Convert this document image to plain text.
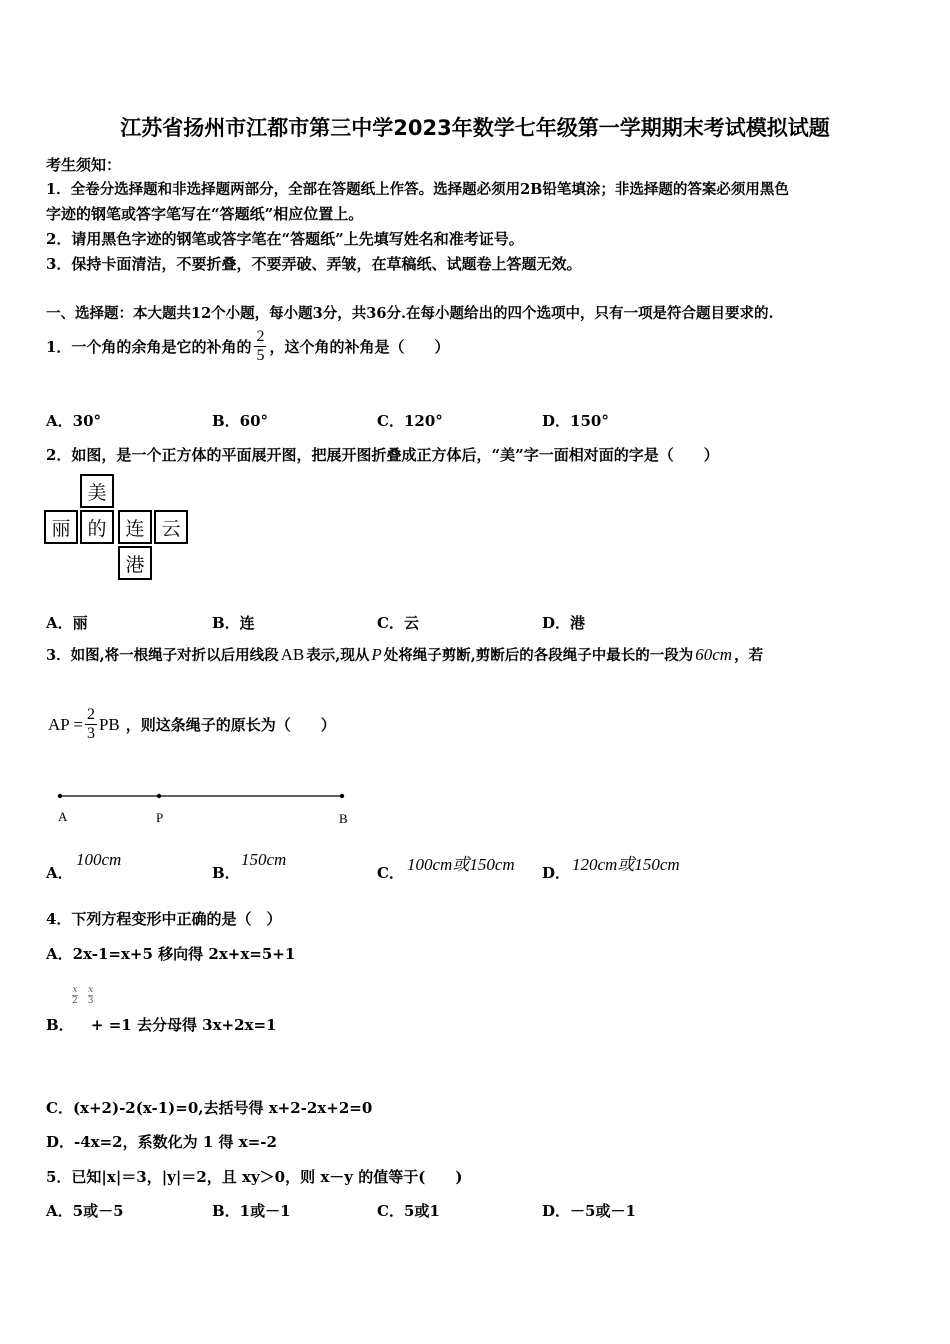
江苏省扬州市江都市第三中学2023年数学七年级第一学期期末考试模拟试题
考生须知：
1．全卷分选择题和非选择题两部分，全部在答题纸上作答。选择题必须用2B铅笔填涂；非选择题的答案必须用黑色
字迹的钢笔或答字笔写在“答题纸”相应位置上。
2．请用黑色字迹的钢笔或答字笔在“答题纸”上先填写姓名和准考证号。
3．保持卡面清洁，不要折叠，不要弄破、弄皱，在草稿纸、试题卷上答题无效。
一、选择题：本大题共12个小题，每小题3分，共36分.在每小题给出的四个选项中，只有一项是符合题目要求的.
1．一个角的余角是它的补角的 $\frac{2}{5}$ ，这个角的补角是（　　）
A．30°	B．60°	C．120°	D．150°
2．如图，是一个正方体的平面展开图，把展开图折叠成正方体后，“美”字一面相对面的字是（　　）
美
丽 的 连 云
港
A．丽	B．连	C．云	D．港
3．如图,将一根绳子对折以后用线段 AB 表示,现从 P 处将绳子剪断,剪断后的各段绳子中最长的一段为 60cm ，若
AP = $\frac{2}{3}$ PB ，则这条绳子的原长为（　　）
A	P	B
A．
100cm
B．
150cm
C． 100cm或150cm D． 120cm或150cm
4．下列方程变形中正确的是（　）
A．2x-1=x+5 移向得 2x+x=5+1
$\frac{x}{2} \frac{x}{3}$
B． + =1 去分母得 3x+2x=1
C．(x+2)-2(x-1)=0,去括号得 x+2-2x+2=0
D．-4x=2，系数化为 1 得 x=-2
5．已知|x|＝3，|y|＝2，且 xy＞0，则 x－y 的值等于(　　)
A．5或－5	B．1或－1	C．5或1	D．－5或－1
